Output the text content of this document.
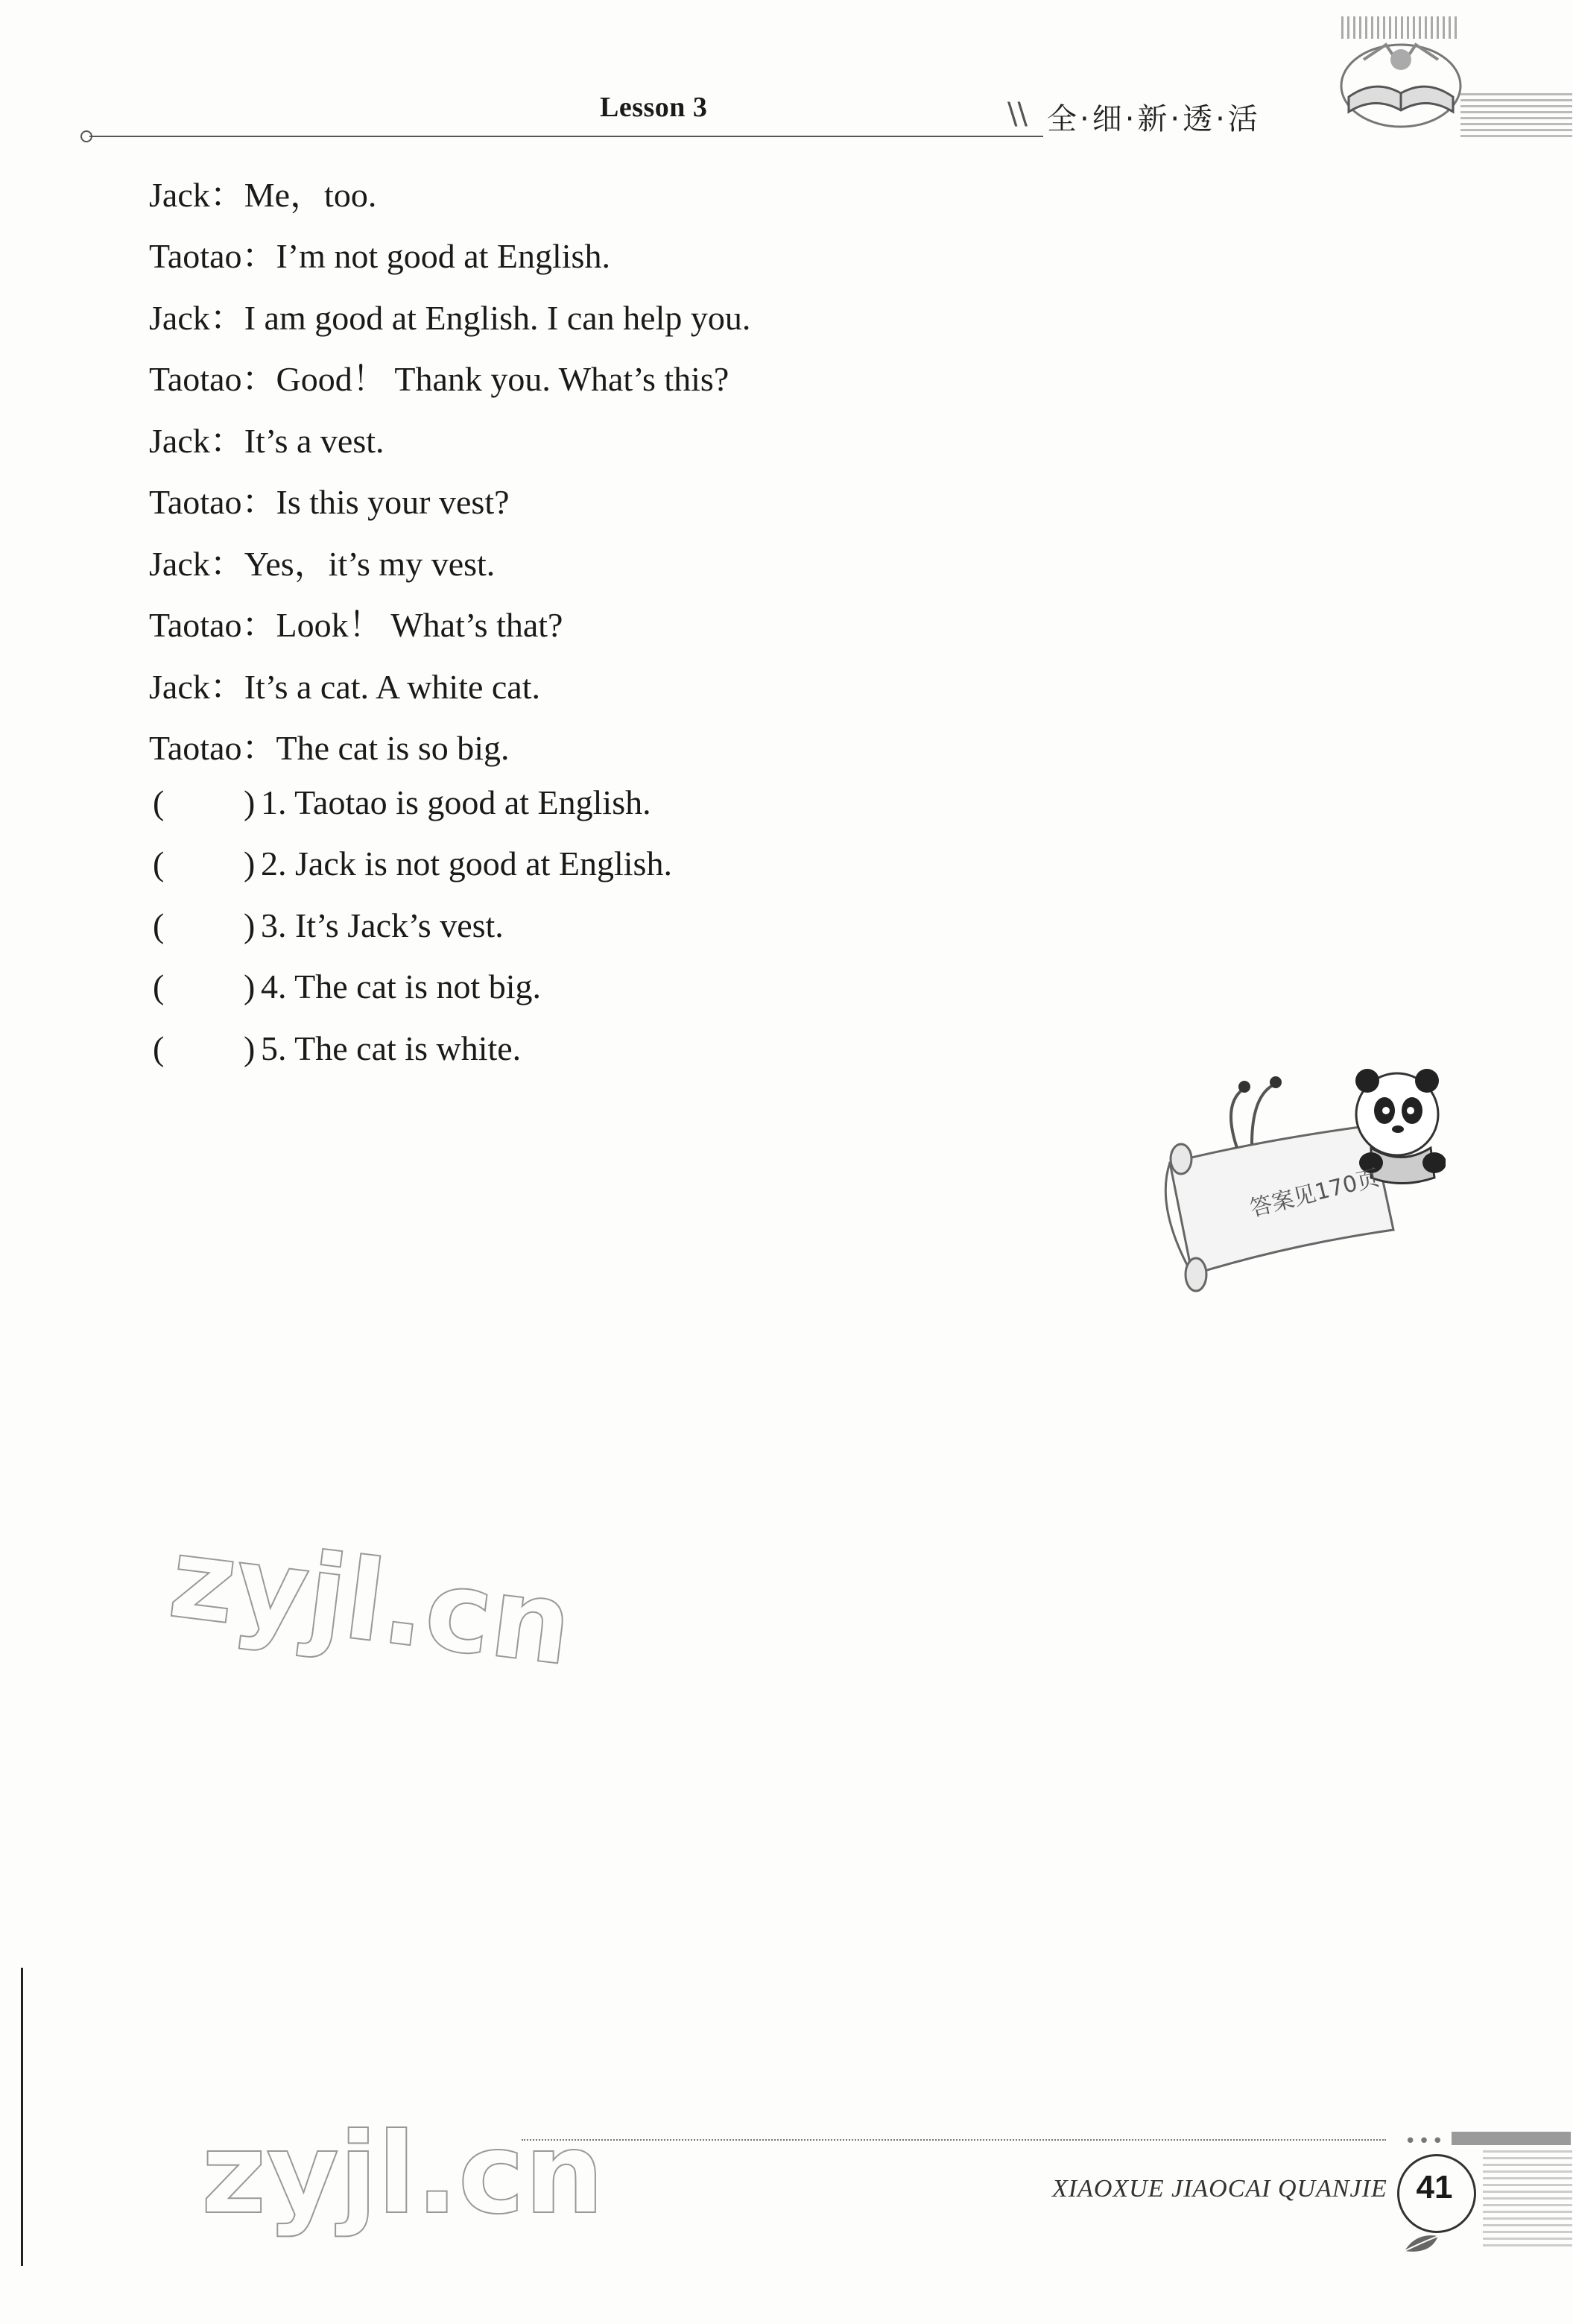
Lesson 3	\\ 全·细·新·透·活
Jack：Me，too.
Taotao：I’m not good at English.
Jack：I am good at English. I can help you.
Taotao：Good！ Thank you. What’s this?
Jack：It’s a vest.
Taotao：Is this your vest?
Jack：Yes，it’s my vest.
Taotao：Look！ What’s that?
Jack：It’s a cat. A white cat.
Taotao：The cat is so big.
( ) 1. Taotao is good at English.
( ) 2. Jack is not good at English.
( ) 3. It’s Jack’s vest.
( ) 4. The cat is not big.
( ) 5. The cat is white.
答案见170页
zyjl.cn
zyjl.cn	•••
XIAOXUE JIAOCAI QUANJIE 41
